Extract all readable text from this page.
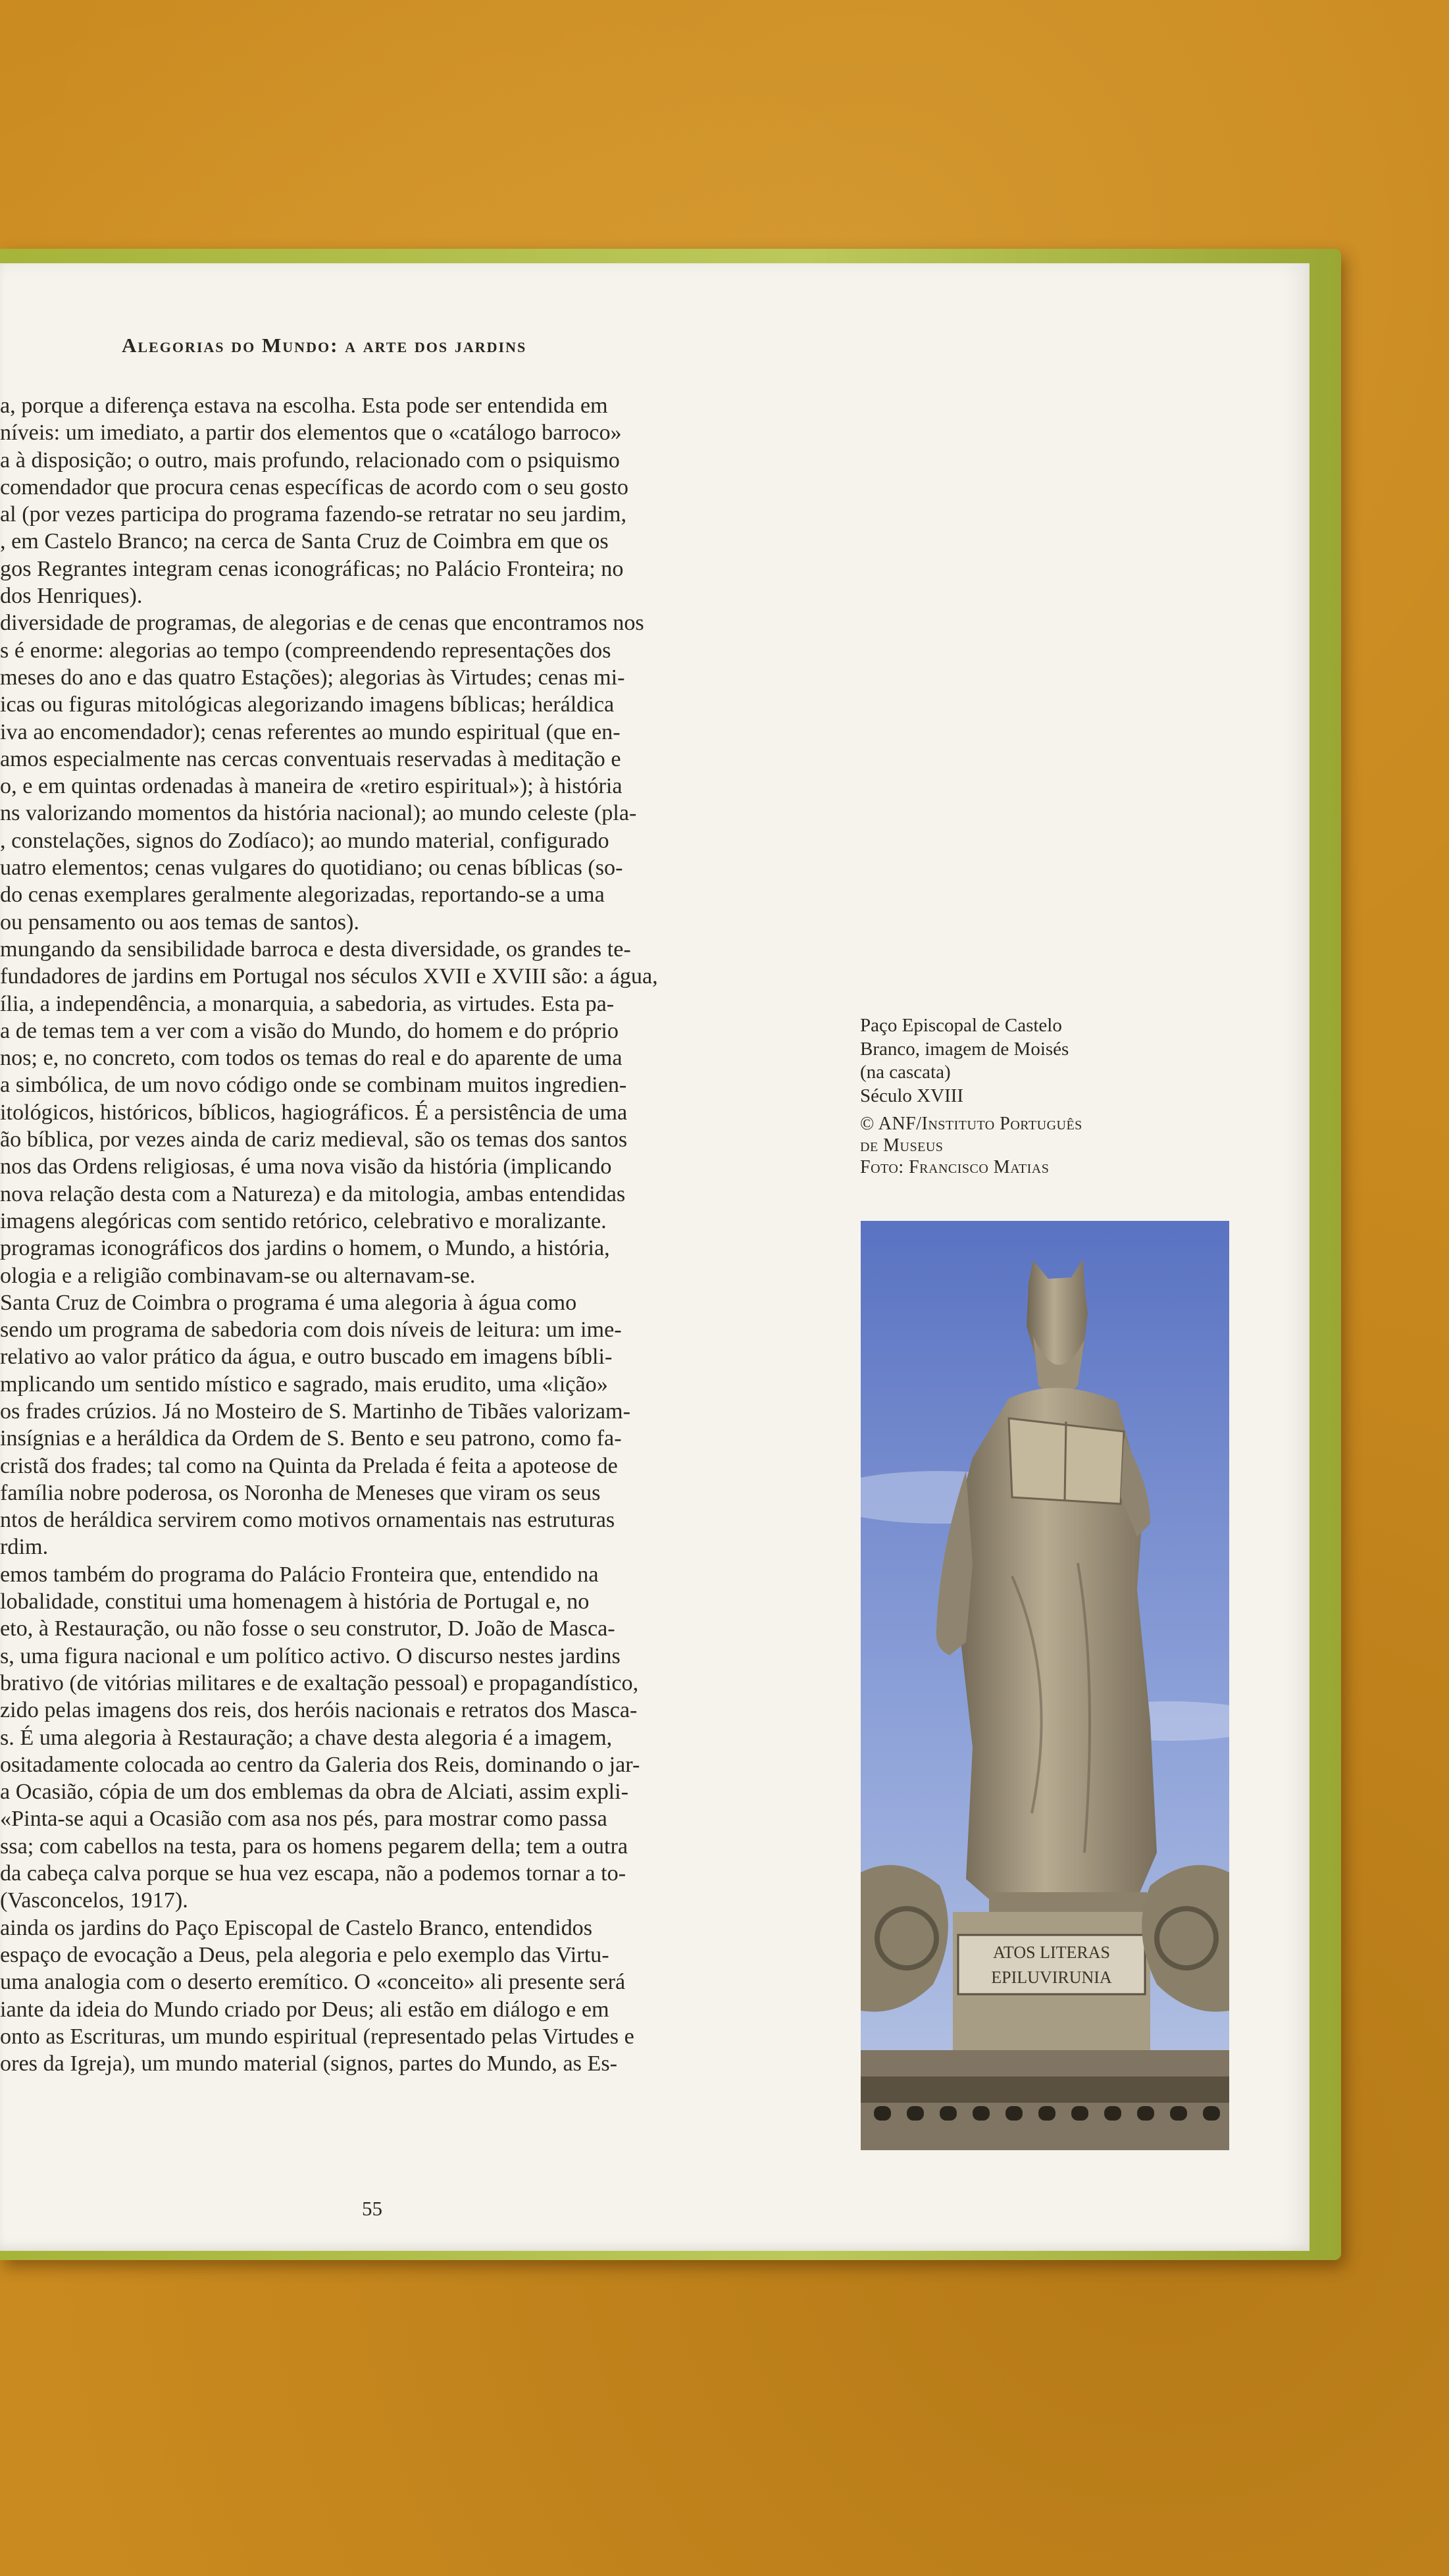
Alegorias do Mundo: a arte dos jardins

a, porque a diferença estava na escolha. Esta pode ser entendida em
níveis: um imediato, a partir dos elementos que o «catálogo barroco»
a à disposição; o outro, mais profundo, relacionado com o psiquismo
comendador que procura cenas específicas de acordo com o seu gosto
al (por vezes participa do programa fazendo-se retratar no seu jardim,
, em Castelo Branco; na cerca de Santa Cruz de Coimbra em que os
gos Regrantes integram cenas iconográficas; no Palácio Fronteira; no
dos Henriques).
diversidade de programas, de alegorias e de cenas que encontramos nos
s é enorme: alegorias ao tempo (compreendendo representações dos
meses do ano e das quatro Estações); alegorias às Virtudes; cenas mi-
icas ou figuras mitológicas alegorizando imagens bíblicas; heráldica
iva ao encomendador); cenas referentes ao mundo espiritual (que en-
amos especialmente nas cercas conventuais reservadas à meditação e
o, e em quintas ordenadas à maneira de «retiro espiritual»); à história
ns valorizando momentos da história nacional); ao mundo celeste (pla-
, constelações, signos do Zodíaco); ao mundo material, configurado
uatro elementos; cenas vulgares do quotidiano; ou cenas bíblicas (so-
do cenas exemplares geralmente alegorizadas, reportando-se a uma
ou pensamento ou aos temas de santos).
mungando da sensibilidade barroca e desta diversidade, os grandes te-
fundadores de jardins em Portugal nos séculos XVII e XVIII são: a água,
ília, a independência, a monarquia, a sabedoria, as virtudes. Esta pa-
a de temas tem a ver com a visão do Mundo, do homem e do próprio
nos; e, no concreto, com todos os temas do real e do aparente de uma
a simbólica, de um novo código onde se combinam muitos ingredien-
itológicos, históricos, bíblicos, hagiográficos. É a persistência de uma
ão bíblica, por vezes ainda de cariz medieval, são os temas dos santos
nos das Ordens religiosas, é uma nova visão da história (implicando
nova relação desta com a Natureza) e da mitologia, ambas entendidas
imagens alegóricas com sentido retórico, celebrativo e moralizante.
programas iconográficos dos jardins o homem, o Mundo, a história,
ologia e a religião combinavam-se ou alternavam-se.
Santa Cruz de Coimbra o programa é uma alegoria à água como
sendo um programa de sabedoria com dois níveis de leitura: um ime-
relativo ao valor prático da água, e outro buscado em imagens bíbli-
mplicando um sentido místico e sagrado, mais erudito, uma «lição»
os frades crúzios. Já no Mosteiro de S. Martinho de Tibães valorizam-
insígnias e a heráldica da Ordem de S. Bento e seu patrono, como fa-
cristã dos frades; tal como na Quinta da Prelada é feita a apoteose de
família nobre poderosa, os Noronha de Meneses que viram os seus
ntos de heráldica servirem como motivos ornamentais nas estruturas
rdim.
emos também do programa do Palácio Fronteira que, entendido na
lobalidade, constitui uma homenagem à história de Portugal e, no
eto, à Restauração, ou não fosse o seu construtor, D. João de Masca-
s, uma figura nacional e um político activo. O discurso nestes jardins
brativo (de vitórias militares e de exaltação pessoal) e propagandístico,
zido pelas imagens dos reis, dos heróis nacionais e retratos dos Masca-
s. É uma alegoria à Restauração; a chave desta alegoria é a imagem,
ositadamente colocada ao centro da Galeria dos Reis, dominando o jar-
a Ocasião, cópia de um dos emblemas da obra de Alciati, assim expli-
«Pinta-se aqui a Ocasião com asa nos pés, para mostrar como passa
ssa; com cabellos na testa, para os homens pegarem della; tem a outra
da cabeça calva porque se hua vez escapa, não a podemos tornar a to-
(Vasconcelos, 1917).
ainda os jardins do Paço Episcopal de Castelo Branco, entendidos
espaço de evocação a Deus, pela alegoria e pelo exemplo das Virtu-
uma analogia com o deserto eremítico. O «conceito» ali presente será
iante da ideia do Mundo criado por Deus; ali estão em diálogo e em
onto as Escrituras, um mundo espiritual (representado pelas Virtudes e
ores da Igreja), um mundo material (signos, partes do Mundo, as Es-
Paço Episcopal de Castelo
Branco, imagem de Moisés
(na cascata)
Século XVIII
© ANF/Instituto Português
de Museus
Foto: Francisco Matias
ATOS LITERAS
EPILUVIRUNIA

55
